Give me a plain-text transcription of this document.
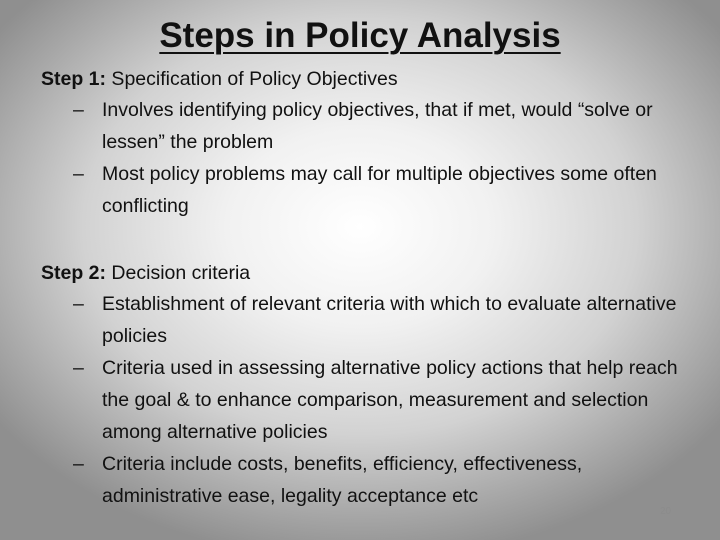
Steps in Policy Analysis
Step 1: Specification of Policy Objectives
– Involves identifying policy objectives, that if met, would “solve or lessen” the problem
– Most policy problems may call for multiple objectives some often conflicting
Step 2: Decision criteria
– Establishment of relevant criteria with which to evaluate alternative policies
– Criteria used in assessing alternative policy actions that help reach the goal & to enhance comparison, measurement and selection among alternative policies
– Criteria include costs, benefits, efficiency, effectiveness, administrative ease, legality acceptance etc
20
